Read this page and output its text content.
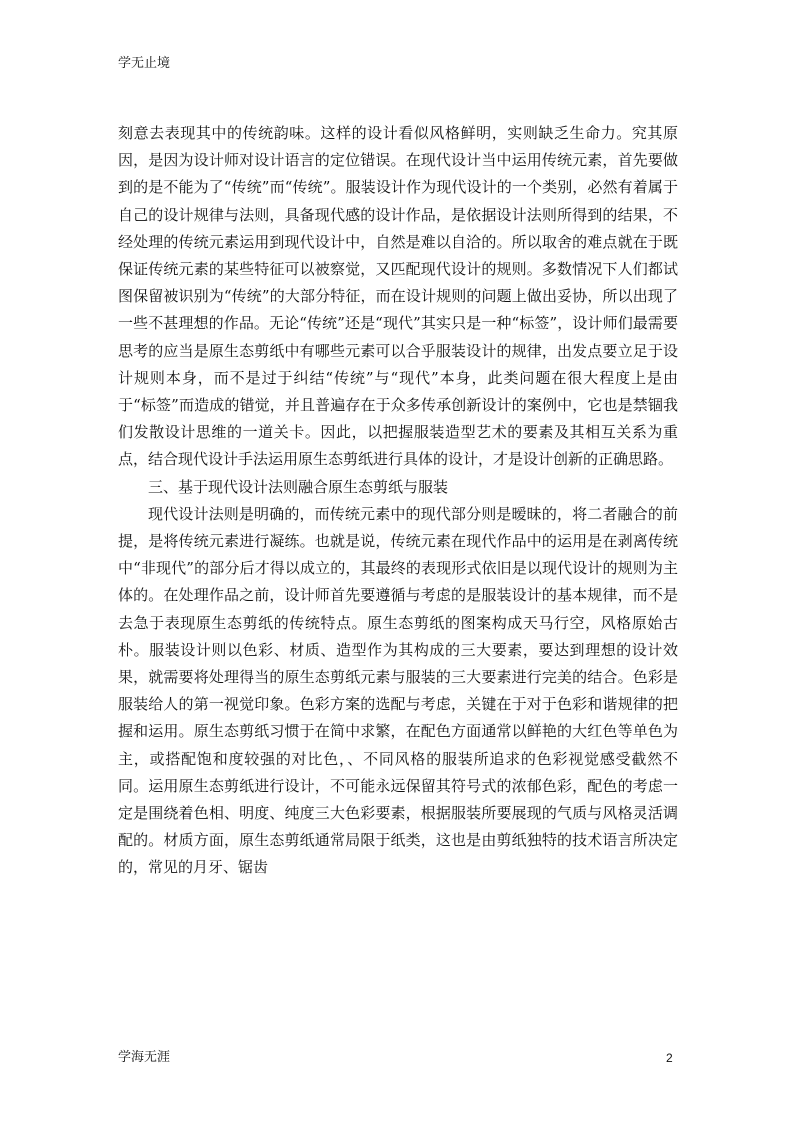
学无止境

刻意去表现其中的传统韵味。这样的设计看似风格鲜明，实则缺乏生命力。究其原因，是因为设计师对设计语言的定位错误。在现代设计当中运用传统元素，首先要做到的是不能为了“传统”而“传统”。服装设计作为现代设计的一个类别，必然有着属于自己的设计规律与法则，具备现代感的设计作品，是依据设计法则所得到的结果，不经处理的传统元素运用到现代设计中，自然是难以自洽的。所以取舍的难点就在于既保证传统元素的某些特征可以被察觉，又匹配现代设计的规则。多数情况下人们都试图保留被识别为“传统”的大部分特征，而在设计规则的问题上做出妥协，所以出现了一些不甚理想的作品。无论“传统”还是“现代”其实只是一种“标签”，设计师们最需要思考的应当是原生态剪纸中有哪些元素可以合乎服装设计的规律，出发点要立足于设计规则本身，而不是过于纠结“传统”与“现代”本身，此类问题在很大程度上是由于“标签”而造成的错觉，并且普遍存在于众多传承创新设计的案例中，它也是禁锢我们发散设计思维的一道关卡。因此，以把握服装造型艺术的要素及其相互关系为重点，结合现代设计手法运用原生态剪纸进行具体的设计，才是设计创新的正确思路。

三、基于现代设计法则融合原生态剪纸与服装

现代设计法则是明确的，而传统元素中的现代部分则是暧昧的，将二者融合的前提，是将传统元素进行凝练。也就是说，传统元素在现代作品中的运用是在剥离传统中“非现代”的部分后才得以成立的，其最终的表现形式依旧是以现代设计的规则为主体的。在处理作品之前，设计师首先要遵循与考虑的是服装设计的基本规律，而不是去急于表现原生态剪纸的传统特点。原生态剪纸的图案构成天马行空，风格原始古朴。服装设计则以色彩、材质、造型作为其构成的三大要素，要达到理想的设计效果，就需要将处理得当的原生态剪纸元素与服装的三大要素进行完美的结合。色彩是服装给人的第一视觉印象。色彩方案的选配与考虑，关键在于对于色彩和谐规律的把握和运用。原生态剪纸习惯于在简中求繁，在配色方面通常以鲜艳的大红色等单色为主，或搭配饱和度较强的对比色，、不同风格的服装所追求的色彩视觉感受截然不同。运用原生态剪纸进行设计，不可能永远保留其符号式的浓郁色彩，配色的考虑一定是围绕着色相、明度、纯度三大色彩要素，根据服装所要展现的气质与风格灵活调配的。材质方面，原生态剪纸通常局限于纸类，这也是由剪纸独特的技术语言所决定的，常见的月牙、锯齿

学海无涯	2
